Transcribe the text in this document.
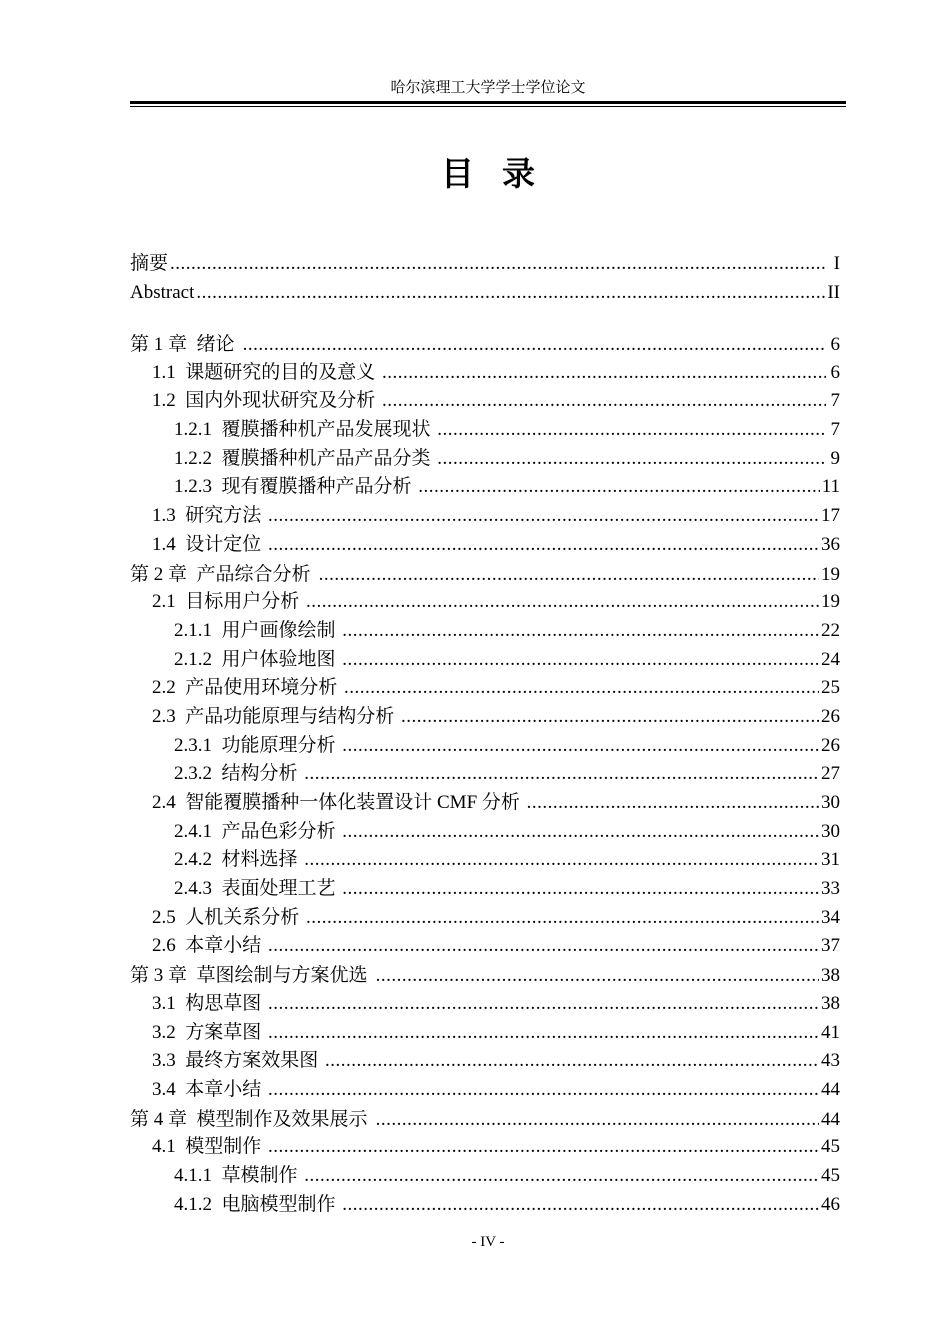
哈尔滨理工大学学士学位论文
目录
摘要 .....	I
Abstract .....	II
第 1 章 绪论 .....	6
1.1 课题研究的目的及意义 .....	6
1.2 国内外现状研究及分析 .....	7
1.2.1 覆膜播种机产品发展现状 .....	7
1.2.2 覆膜播种机产品产品分类 .....	9
1.2.3 现有覆膜播种产品分析 .....	11
1.3 研究方法 .....	17
1.4 设计定位 .....	36
第 2 章 产品综合分析 .....	19
2.1 目标用户分析 .....	19
2.1.1 用户画像绘制 .....	22
2.1.2 用户体验地图 .....	24
2.2 产品使用环境分析 .....	25
2.3 产品功能原理与结构分析 .....	26
2.3.1 功能原理分析 .....	26
2.3.2 结构分析 .....	27
2.4 智能覆膜播种一体化装置设计 CMF 分析 .....	30
2.4.1 产品色彩分析 .....	30
2.4.2 材料选择 .....	31
2.4.3 表面处理工艺 .....	33
2.5 人机关系分析 .....	34
2.6 本章小结 .....	37
第 3 章 草图绘制与方案优选 .....	38
3.1 构思草图 .....	38
3.2 方案草图 .....	41
3.3 最终方案效果图 .....	43
3.4 本章小结 .....	44
第 4 章 模型制作及效果展示 .....	44
4.1 模型制作 .....	45
4.1.1 草模制作 .....	45
4.1.2 电脑模型制作 .....	46
- IV -
